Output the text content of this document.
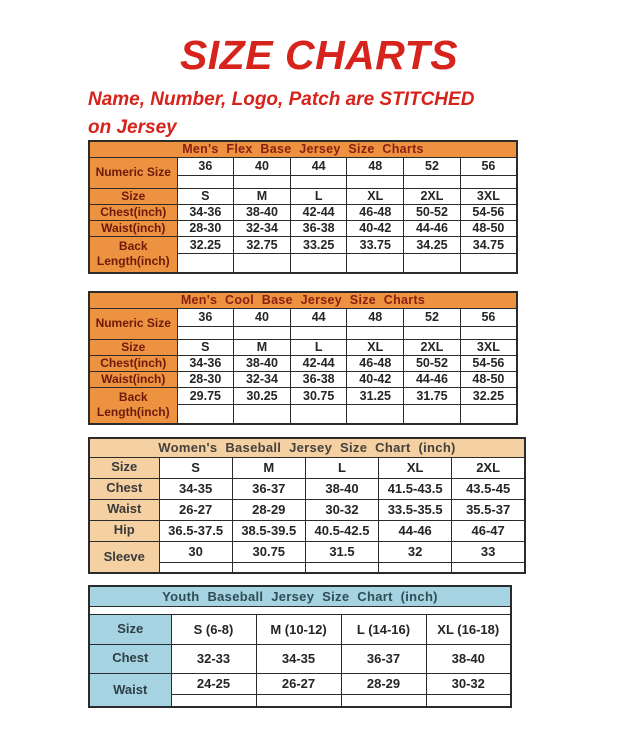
SIZE CHARTS
Name, Number, Logo, Patch are STITCHED
on Jersey
Men's Flex Base Jersey Size Charts						
Numeric Size	36	40	44	48	52	56

Size	S	M	L	XL	2XL	3XL
Chest(inch)	34-36	38-40	42-44	46-48	50-52	54-56
Waist(inch)	28-30	32-34	36-38	40-42	44-46	48-50
Back Length(inch)	32.25	32.75	33.25	33.75	34.25	34.75

Men's Cool Base Jersey Size Charts						
Numeric Size	36	40	44	48	52	56

Size	S	M	L	XL	2XL	3XL
Chest(inch)	34-36	38-40	42-44	46-48	50-52	54-56
Waist(inch)	28-30	32-34	36-38	40-42	44-46	48-50
Back Length(inch)	29.75	30.25	30.75	31.25	31.75	32.25

Women's Baseball Jersey Size Chart (inch)					
Size	S	M	L	XL	2XL
Chest	34-35	36-37	38-40	41.5-43.5	43.5-45
Waist	26-27	28-29	30-32	33.5-35.5	35.5-37
Hip	36.5-37.5	38.5-39.5	40.5-42.5	44-46	46-47
Sleeve	30	30.75	31.5	32	33

Youth Baseball Jersey Size Chart (inch)				

Size	S (6-8)	M (10-12)	L (14-16)	XL (16-18)
Chest	32-33	34-35	36-37	38-40
Waist	24-25	26-27	28-29	30-32
